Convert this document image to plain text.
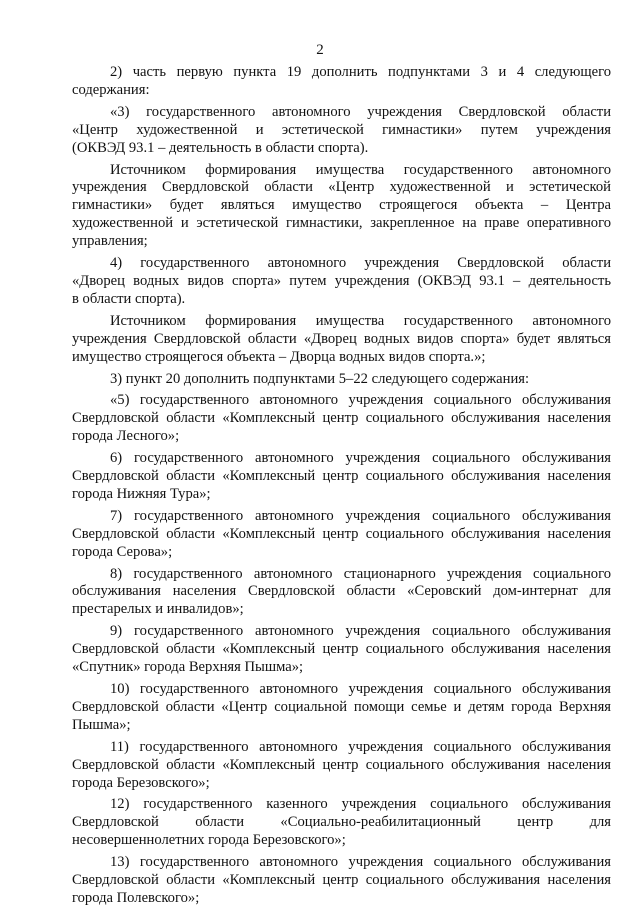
2

2) часть первую пункта 19 дополнить подпунктами 3 и 4 следующего
содержания:

«3) государственного автономного учреждения Свердловской области
«Центр художественной и эстетической гимнастики» путем учреждения
(ОКВЭД 93.1 – деятельность в области спорта).

Источником формирования имущества государственного автономного
учреждения Свердловской области «Центр художественной и эстетической
гимнастики» будет являться имущество строящегося объекта – Центра
художественной и эстетической гимнастики, закрепленное на праве оперативного
управления;

4) государственного автономного учреждения Свердловской области
«Дворец водных видов спорта» путем учреждения (ОКВЭД 93.1 – деятельность
в области спорта).

Источником формирования имущества государственного автономного
учреждения Свердловской области «Дворец водных видов спорта» будет являться
имущество строящегося объекта – Дворца водных видов спорта.»;

3) пункт 20 дополнить подпунктами 5–22 следующего содержания:

«5) государственного автономного учреждения социального обслуживания
Свердловской области «Комплексный центр социального обслуживания населения
города Лесного»;

6) государственного автономного учреждения социального обслуживания
Свердловской области «Комплексный центр социального обслуживания населения
города Нижняя Тура»;

7) государственного автономного учреждения социального обслуживания
Свердловской области «Комплексный центр социального обслуживания населения
города Серова»;

8) государственного автономного стационарного учреждения социального
обслуживания населения Свердловской области «Серовский дом-интернат для
престарелых и инвалидов»;

9) государственного автономного учреждения социального обслуживания
Свердловской области «Комплексный центр социального обслуживания населения
«Спутник» города Верхняя Пышма»;

10) государственного автономного учреждения социального обслуживания
Свердловской области «Центр социальной помощи семье и детям города Верхняя
Пышма»;

11) государственного автономного учреждения социального обслуживания
Свердловской области «Комплексный центр социального обслуживания населения
города Березовского»;

12) государственного казенного учреждения социального обслуживания
Свердловской области «Социально-реабилитационный центр для
несовершеннолетних города Березовского»;

13) государственного автономного учреждения социального обслуживания
Свердловской области «Комплексный центр социального обслуживания населения
города Полевского»;
